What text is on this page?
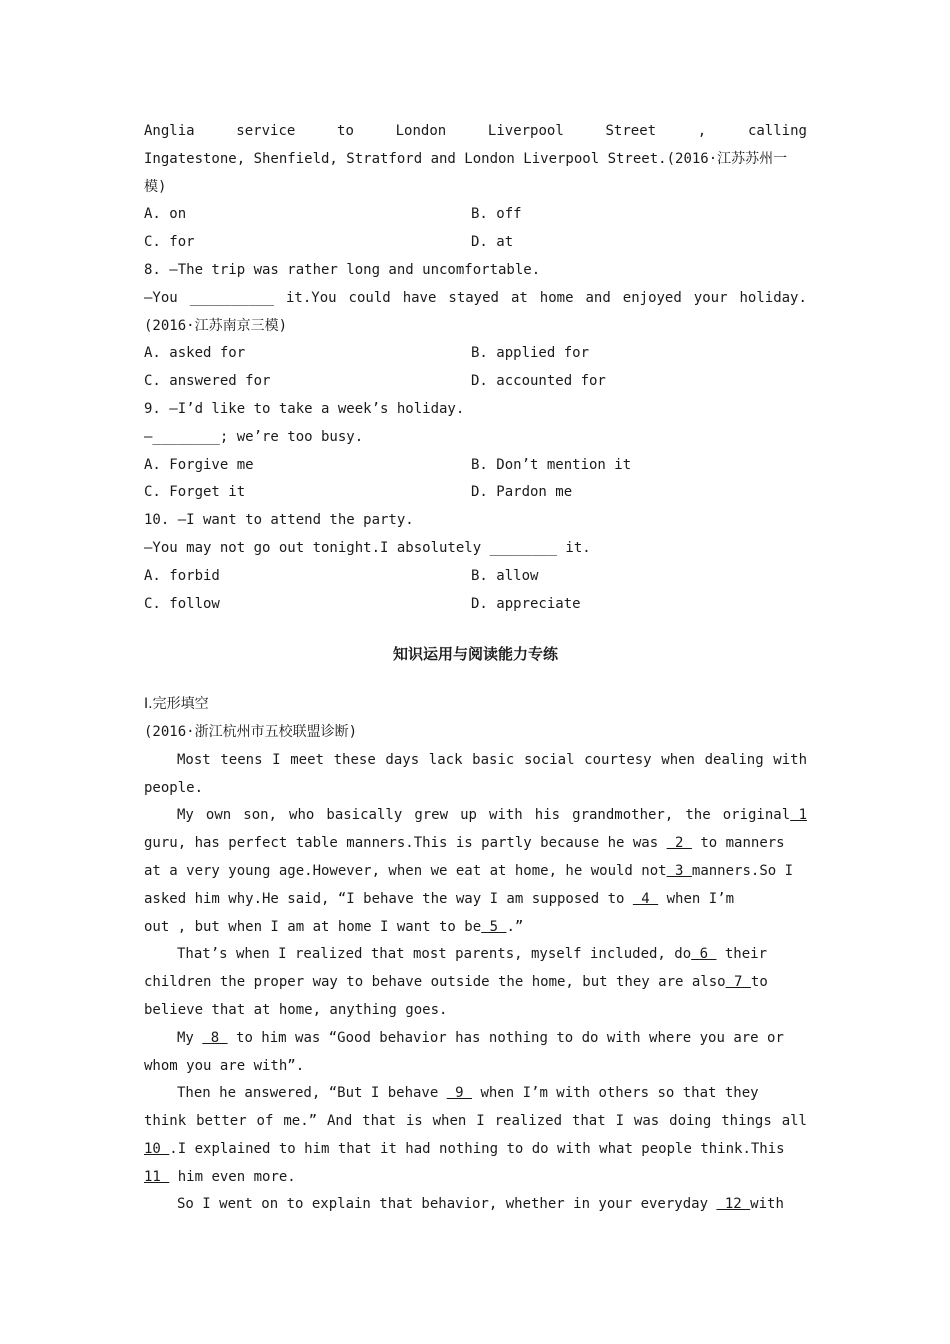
Anglia	service	to	London	Liverpool	Street	,	calling
Ingatestone, Shenfield, Stratford and London Liverpool Street.(2016·江苏苏州一
模)
A. on	B. off
C. for	D. at
8. —The trip was rather long and uncomfortable.
—You __________ it.You could have stayed at home and enjoyed your holiday.
(2016·江苏南京三模)
A. asked for	B. applied for
C. answered for	D. accounted for
9. —I’d like to take a week’s holiday.
—________; we’re too busy.
A. Forgive me	B. Don’t mention it
C. Forget it	D. Pardon me
10. —I want to attend the party.
—You may not go out tonight.I absolutely ________ it.
A. forbid	B. allow
C. follow	D. appreciate
知识运用与阅读能力专练
Ⅰ.完形填空
(2016·浙江杭州市五校联盟诊断)
Most teens I meet these days lack basic social courtesy when dealing with
people.
My own son, who basically grew up with his grandmother, the original 1
guru, has perfect table manners.This is partly because he was 2 to manners
at a very young age.However, when we eat at home, he would not 3 manners.So I
asked him why.He said, “I behave the way I am supposed to 4 when I’m
out , but when I am at home I want to be 5 .”
That’s when I realized that most parents, myself included, do 6 their
children the proper way to behave outside the home, but they are also 7 to
believe that at home, anything goes.
My 8 to him was “Good behavior has nothing to do with where you are or
whom you are with”.
Then he answered, “But I behave 9 when I’m with others so that they
think better of me.” And that is when I realized that I was doing things all
10 .I explained to him that it had nothing to do with what people think.This
11 him even more.
So I went on to explain that behavior, whether in your everyday 12 with
